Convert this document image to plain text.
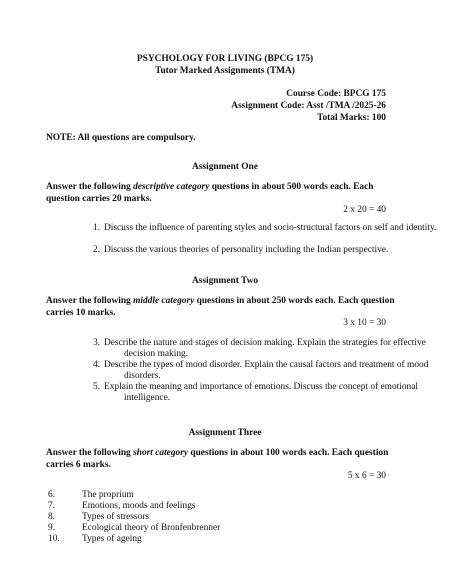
PSYCHOLOGY FOR LIVING (BPCG 175)

Tutor Marked Assignments (TMA)

Course Code: BPCG 175

Assignment Code: Asst /TMA /2025-26

Total Marks: 100

NOTE: All questions are compulsory.

Assignment One

Answer the following descriptive category questions in about 500 words each. Each question carries 20 marks.

2 x 20 = 40

1. Discuss the influence of parenting styles and socio-structural factors on self and identity.

2. Discuss the various theories of personality including the Indian perspective.

Assignment Two

Answer the following middle category questions in about 250 words each. Each question carries 10 marks.

3 x 10 = 30

3. Describe the nature and stages of decision making. Explain the strategies for effective

decision making.

4. Describe the types of mood disorder. Explain the causal factors and treatment of mood

disorders.

5. Explain the meaning and importance of emotions. Discuss the concept of emotional

intelligence.

Assignment Three

Answer the following short category questions in about 100 words each. Each question carries 6 marks.

5 x 6 = 30

6.	The proprium

7.	Emotions, moods and feelings

8.	Types of stressors

9.	Ecological theory of Bronfenbrenner

10. Types of ageing
